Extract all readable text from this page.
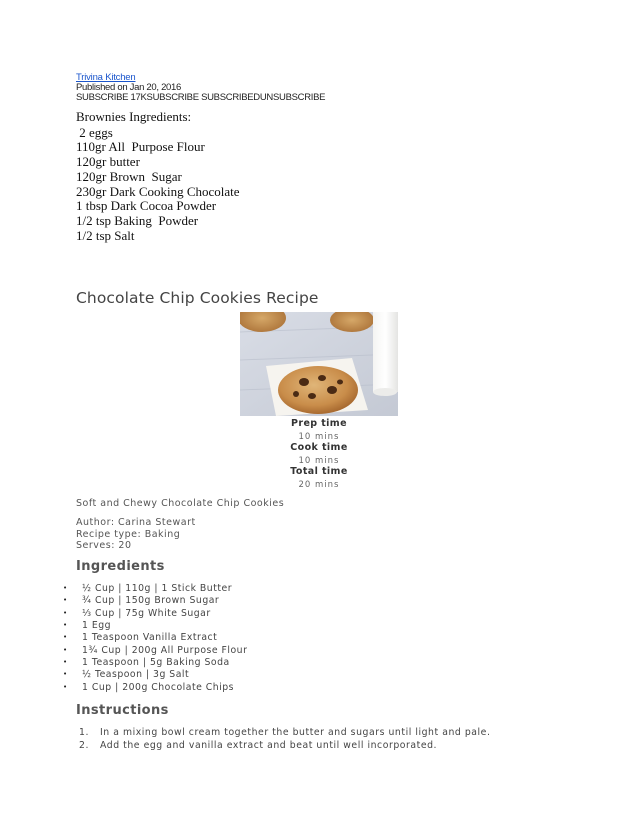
Trivina Kitchen
Published on Jan 20, 2016
SUBSCRIBE 17KSUBSCRIBE SUBSCRIBEDUNSUBSCRIBE
Brownies Ingredients:
2 eggs
110gr All  Purpose Flour
120gr butter
120gr Brown  Sugar
230gr Dark Cooking Chocolate
1 tbsp Dark Cocoa Powder
1/2 tsp Baking  Powder
1/2 tsp Salt
Chocolate Chip Cookies Recipe
Prep time
10 mins
Cook time
10 mins
Total time
20 mins
Soft and Chewy Chocolate Chip Cookies
Author: Carina Stewart
Recipe type: Baking
Serves: 20
Ingredients
• ½ Cup | 110g | 1 Stick Butter
• ¾ Cup | 150g Brown Sugar
• ⅓ Cup | 75g White Sugar
• 1 Egg
• 1 Teaspoon Vanilla Extract
• 1¾ Cup | 200g All Purpose Flour
• 1 Teaspoon | 5g Baking Soda
• ½ Teaspoon | 3g Salt
• 1 Cup | 200g Chocolate Chips
Instructions
1. In a mixing bowl cream together the butter and sugars until light and pale.
2. Add the egg and vanilla extract and beat until well incorporated.
